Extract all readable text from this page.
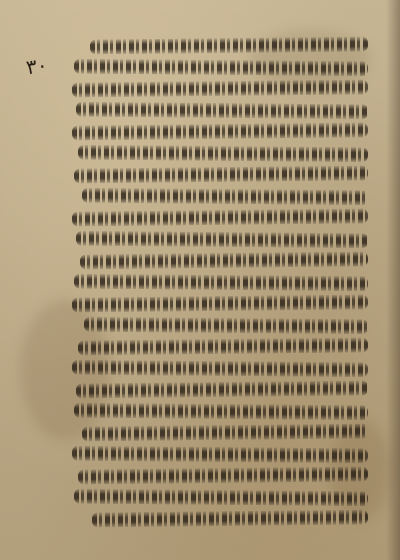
٣٠
